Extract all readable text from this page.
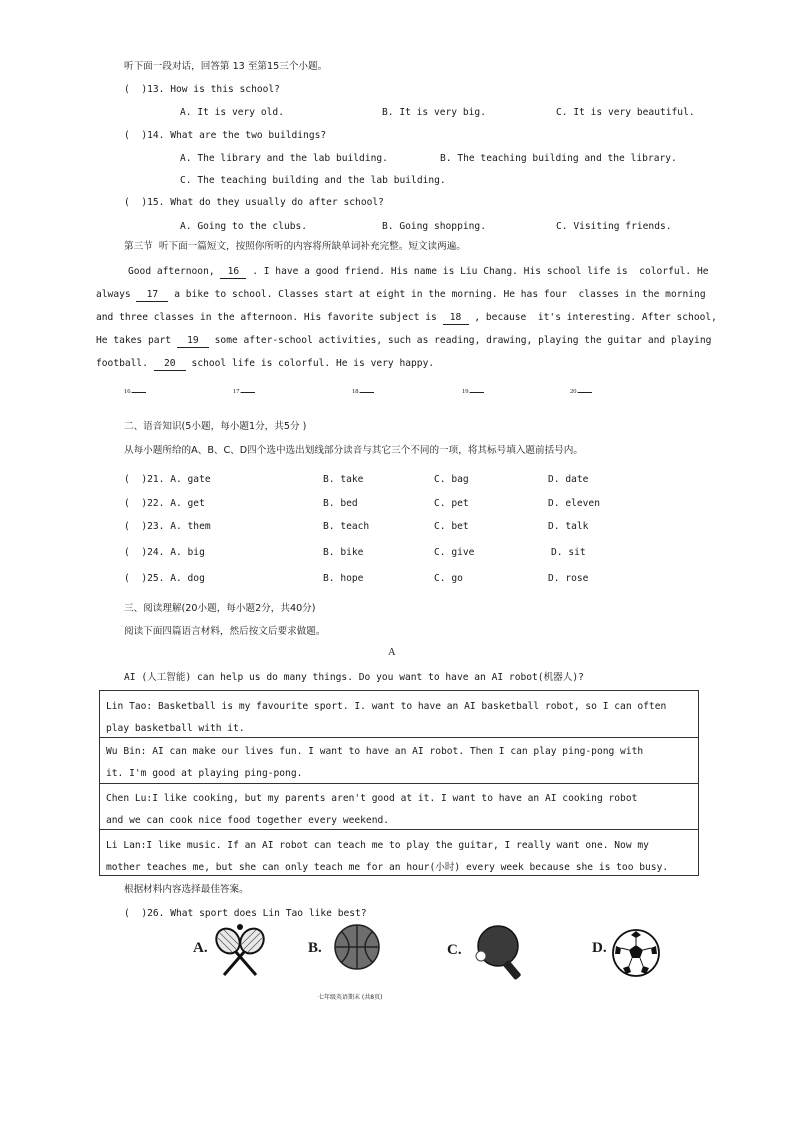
听下面一段对话，回答第 13 至第15三个小题。
(  )13. How is this school?
A. It is very old.	B. It is very big.	C. It is very beautiful.
(  )14. What are the two buildings?
A. The library and the lab building.	B. The teaching building and the library.
C. The teaching building and the lab building.
(  )15. What do they usually do after school?
A. Going to the clubs.	B. Going shopping.	C. Visiting friends.
第三节  听下面一篇短文，按照你所听的内容将所缺单词补充完整。短文读两遍。
Good afternoon, 16 . I have a good friend. His name is Liu Chang. His school life is  colorful. He
always 17 a bike to school. Classes start at eight in the morning. He has four  classes in the morning
and three classes in the afternoon. His favorite subject is 18 , because  it's interesting. After school,
He takes part 19 some after-school activities, such as reading, drawing, playing the guitar and playing
football. 20 school life is colorful. He is very happy.
16.	17.	18.	19.	20.
二、语音知识(5小题，每小题1分，共5分 )
从每小题所给的A、B、C、D四个选中选出划线部分读音与其它三个不同的一项，将其标号填入题前括号内。
(  )21. A. gate	B. take	C. bag	D. date
(  )22. A. get	B. bed	C. pet	D. eleven
(  )23. A. them	B. teach	C. bet	D. talk
(  )24. A. big	B. bike	C. give	D. sit
(  )25. A. dog	B. hope	C. go	D. rose
三、阅读理解(20小题，每小题2分，共40分)
阅读下面四篇语言材料，然后按文后要求做题。
A
AI (人工智能) can help us do many things. Do you want to have an AI robot(机器人)?
Lin Tao: Basketball is my favourite sport. I. want to have an AI basketball robot, so I can often
play basketball with it.
Wu Bin: AI can make our lives fun. I want to have an AI robot. Then I can play ping-pong with
it. I'm good at playing ping-pong.
Chen Lu:I like cooking, but my parents aren't good at it. I want to have an AI cooking robot
and we can cook nice food together every weekend.
Li Lan:I like music. If an AI robot can teach me to play the guitar, I really want one. Now my
mother teaches me, but she can only teach me for an hour(小时) every week because she is too busy.
根据材料内容选择最佳答案。
(  )26. What sport does Lin Tao like best?
A.	B.	C.	D.
七年级英语期末 (共8页)
